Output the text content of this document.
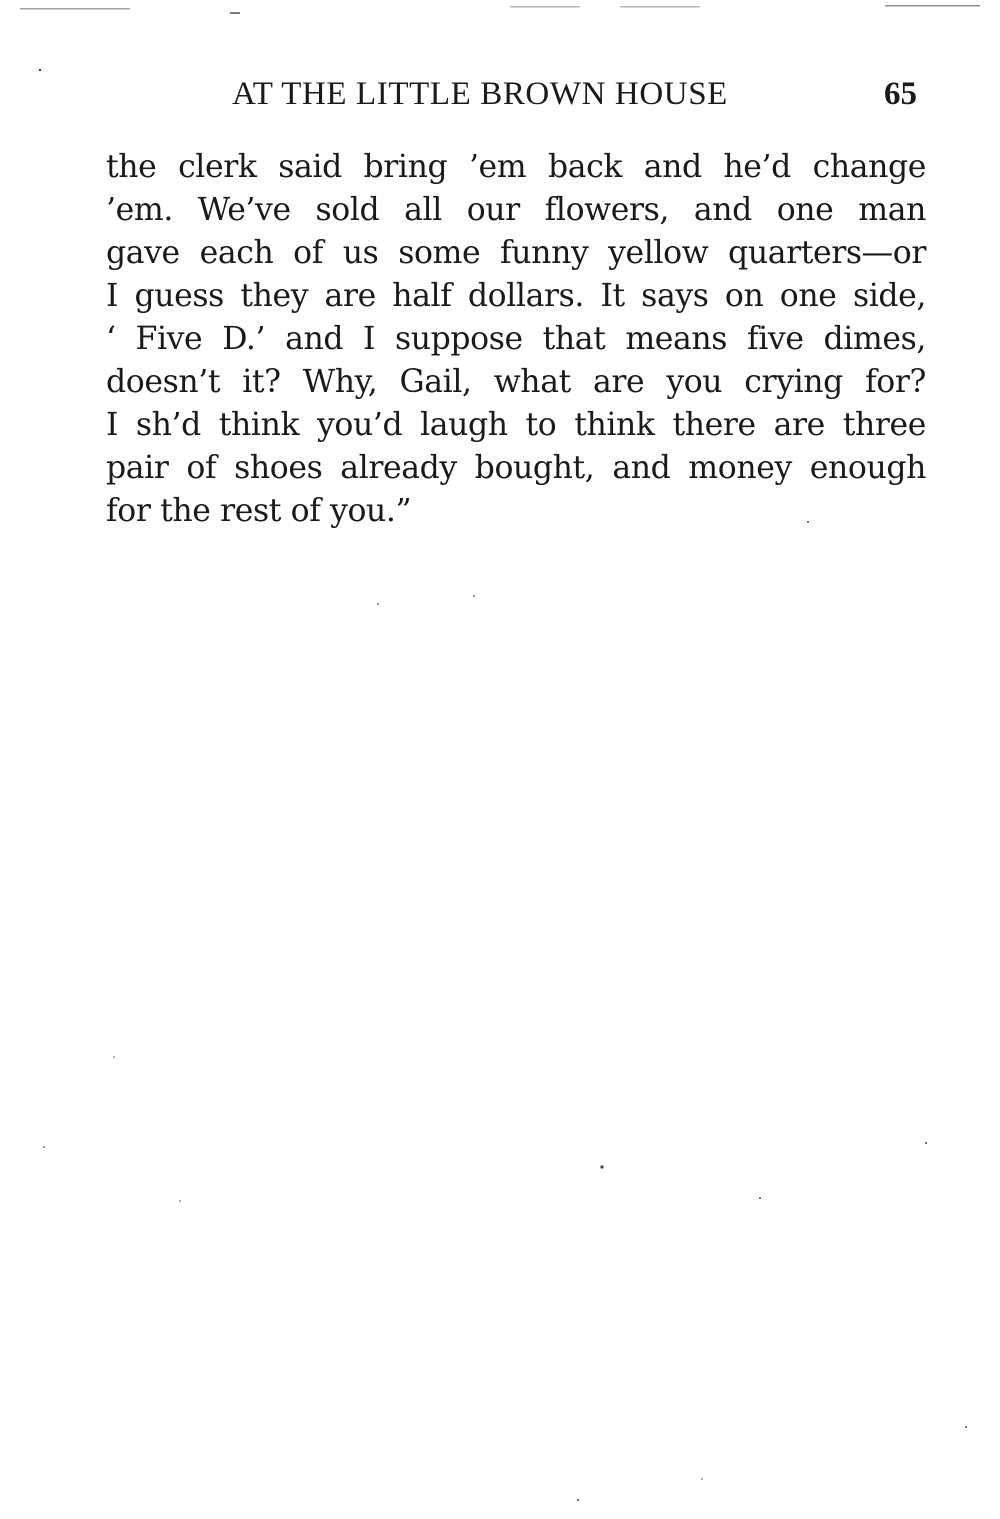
AT THE LITTLE BROWN HOUSE	65
the clerk said bring ’em back and he’d change
’em. We’ve sold all our flowers, and one man
gave each of us some funny yellow quarters—or
I guess they are half dollars. It says on one side,
‘ Five D.’ and I suppose that means five dimes,
doesn’t it? Why, Gail, what are you crying for?
I sh’d think you’d laugh to think there are three
pair of shoes already bought, and money enough
for the rest of you.”
